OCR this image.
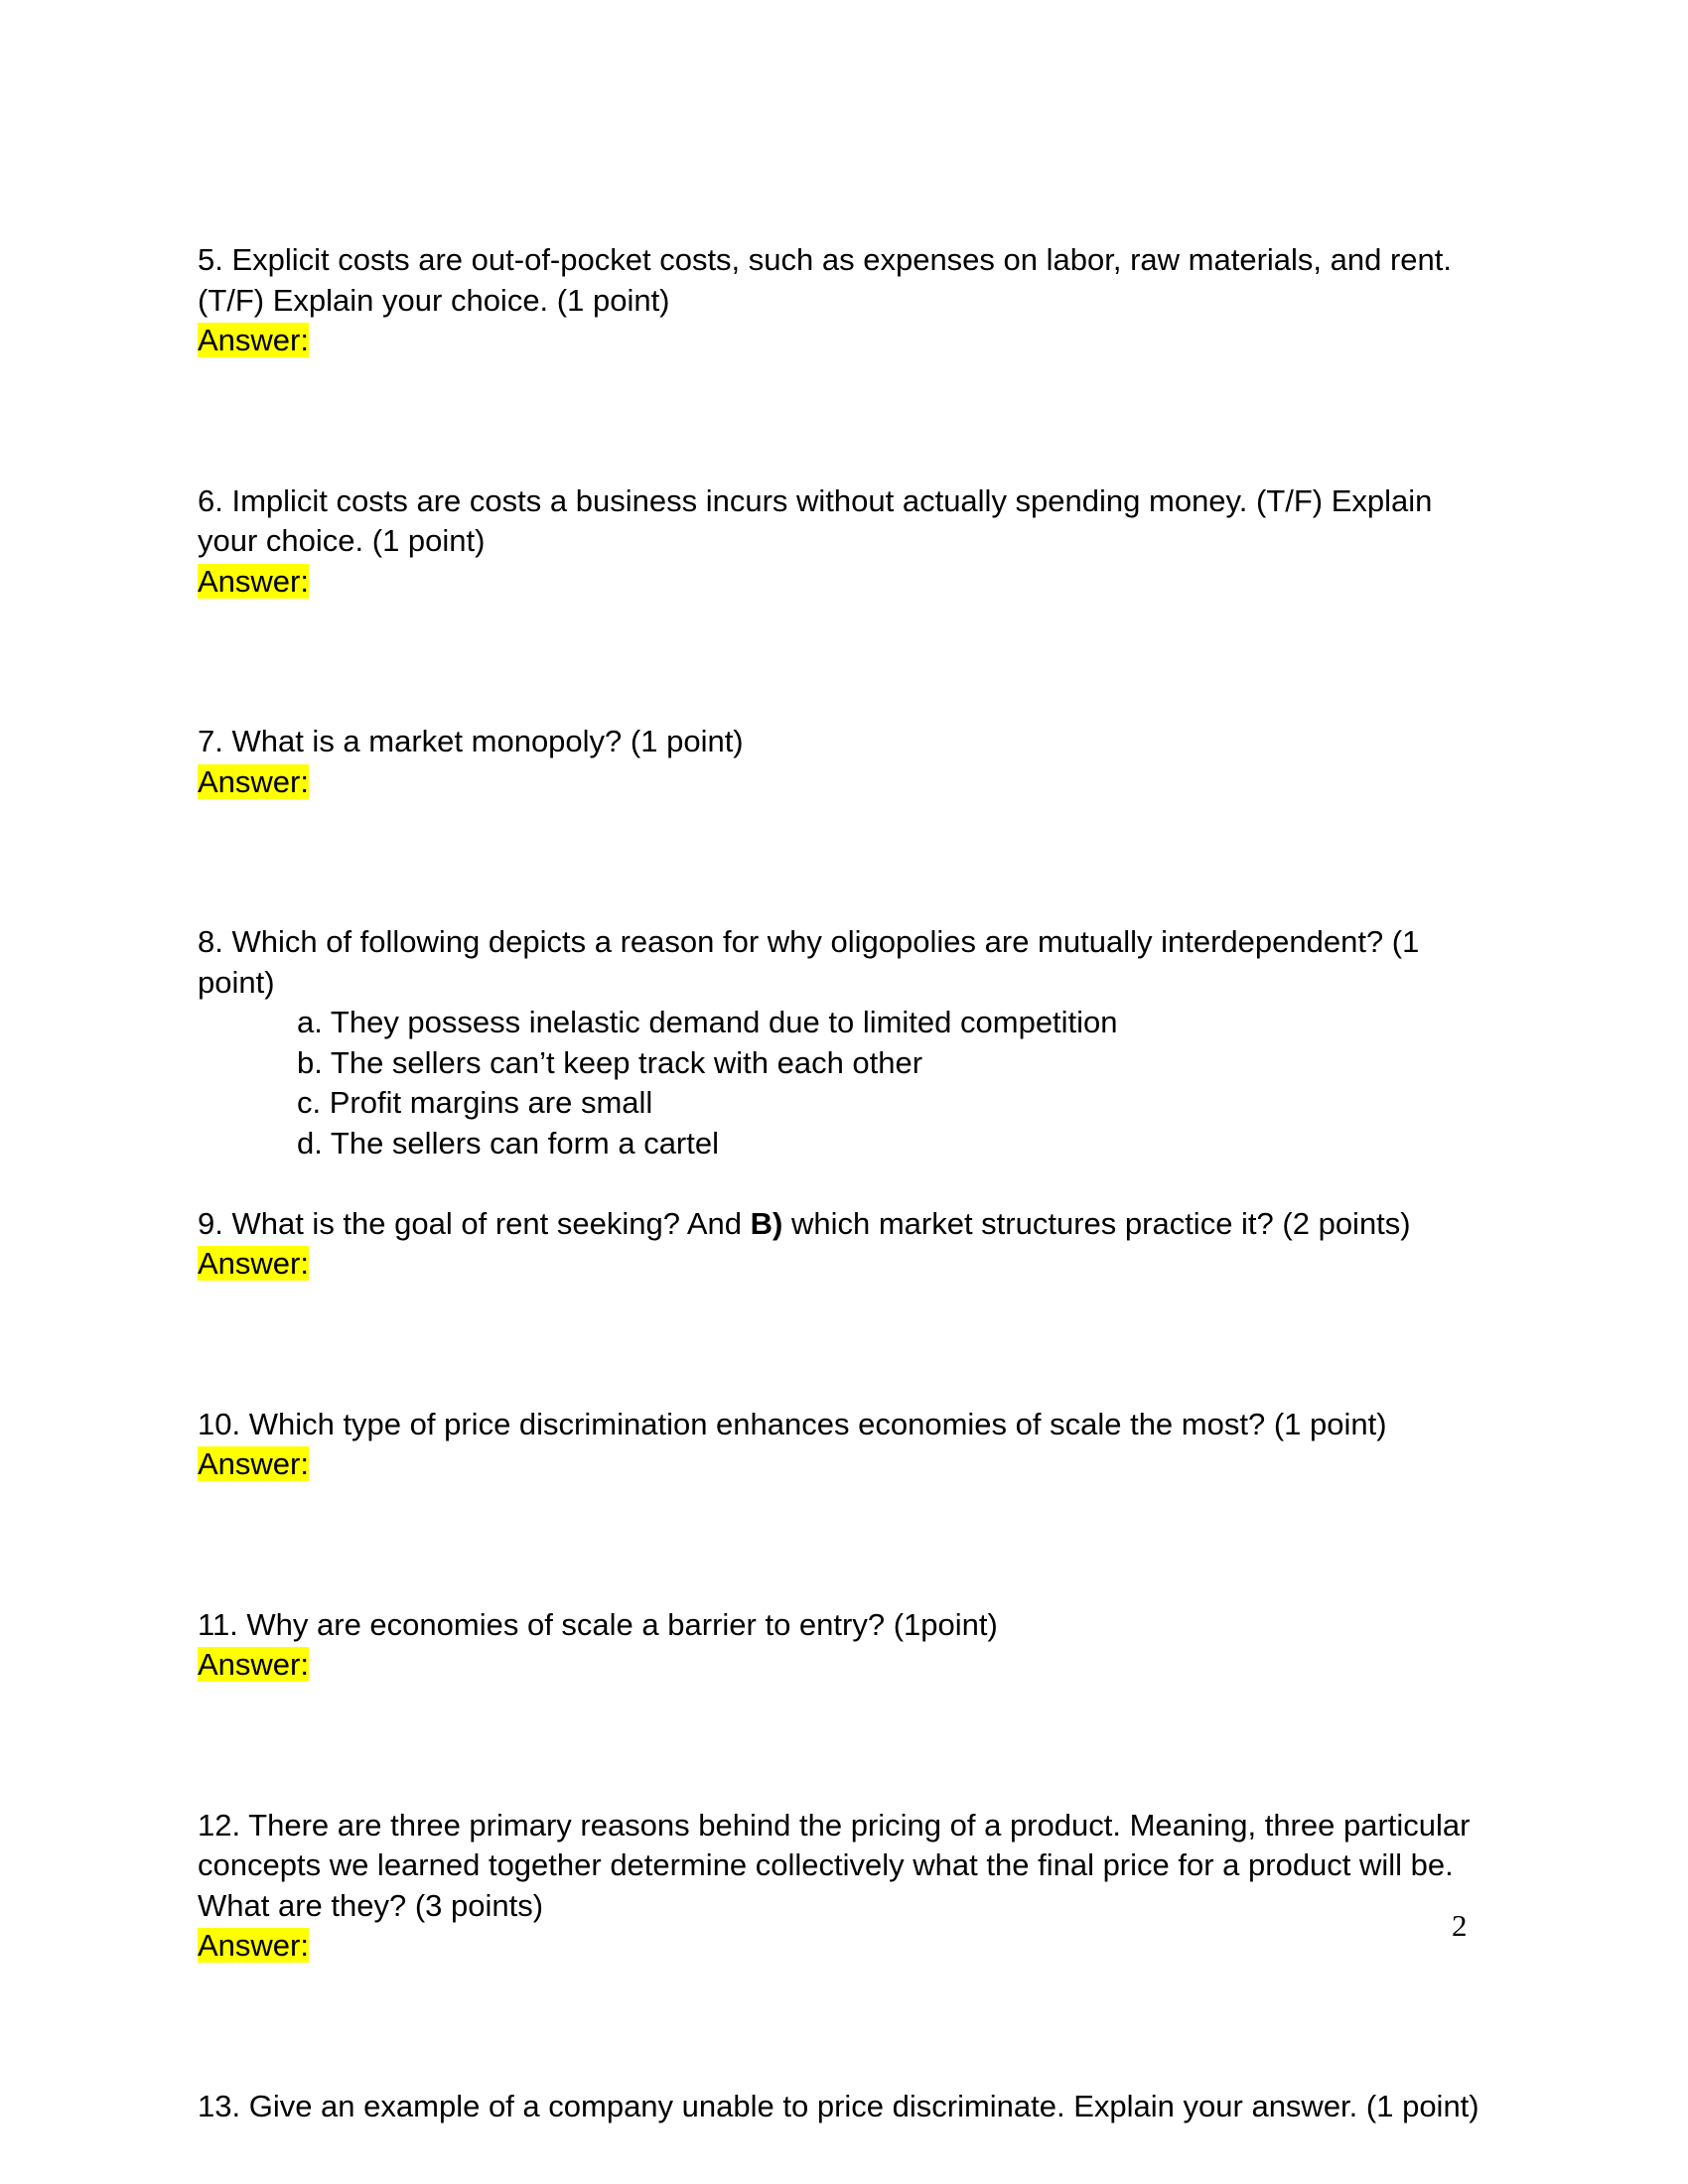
5. Explicit costs are out-of-pocket costs, such as expenses on labor, raw materials, and rent. (T/F) Explain your choice. (1 point)

Answer:

6. Implicit costs are costs a business incurs without actually spending money. (T/F) Explain your choice. (1 point)

Answer:

7. What is a market monopoly? (1 point)

Answer:

8. Which of following depicts a reason for why oligopolies are mutually interdependent? (1 point)

a. They possess inelastic demand due to limited competition
b. The sellers can’t keep track with each other
c. Profit margins are small
d. The sellers can form a cartel

9. What is the goal of rent seeking? And B) which market structures practice it? (2 points)

Answer:

10. Which type of price discrimination enhances economies of scale the most? (1 point)

Answer:

11. Why are economies of scale a barrier to entry? (1point)

Answer:

12. There are three primary reasons behind the pricing of a product. Meaning, three particular concepts we learned together determine collectively what the final price for a product will be. What are they? (3 points)

Answer:

13. Give an example of a company unable to price discriminate. Explain your answer. (1 point)

2
